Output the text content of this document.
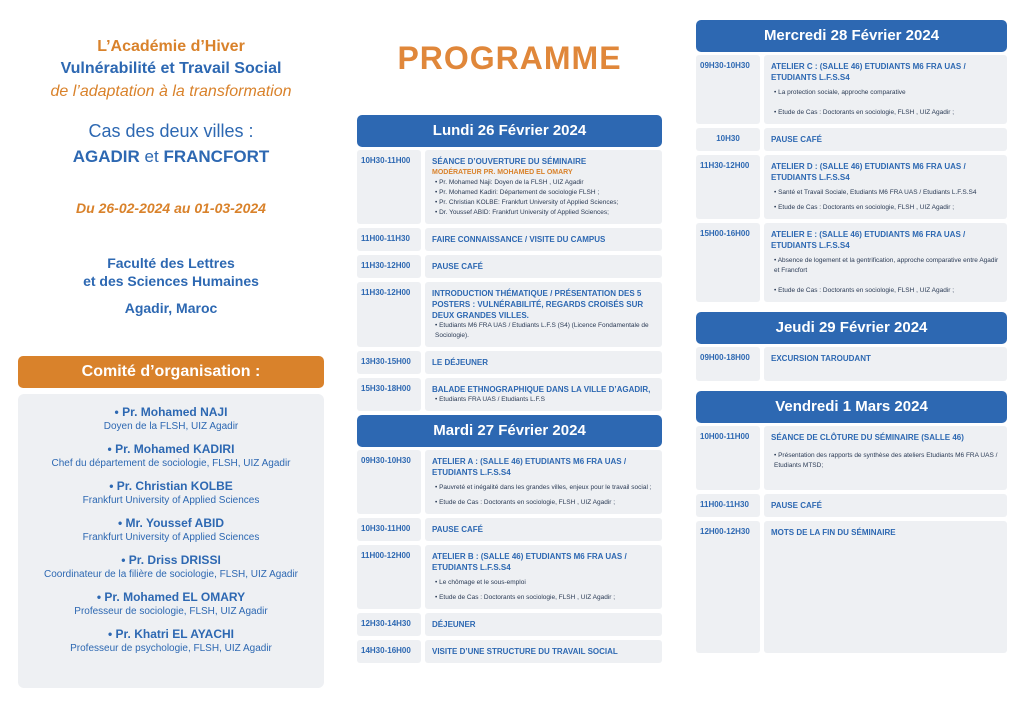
L’Académie d’Hiver
Vulnérabilité et Travail Social
de l’adaptation à la transformation
Cas des deux villes :
AGADIR et FRANCFORT
Du 26-02-2024 au 01-03-2024
Faculté des Lettres
et des Sciences Humaines
Agadir, Maroc
Comité d’organisation :
• Pr. Mohamed NAJI
Doyen de la FLSH, UIZ Agadir
• Pr. Mohamed KADIRI
Chef du département de sociologie, FLSH, UIZ Agadir
• Pr. Christian KOLBE
Frankfurt University of Applied Sciences
• Mr. Youssef ABID
Frankfurt University of Applied Sciences
• Pr. Driss DRISSI
Coordinateur de la filière de sociologie, FLSH, UIZ Agadir
• Pr. Mohamed EL OMARY
Professeur de sociologie, FLSH, UIZ Agadir
• Pr. Khatri EL AYACHI
Professeur de psychologie, FLSH, UIZ Agadir
PROGRAMME
Lundi 26 Février 2024
10H30-11H00	SÉANCE D’OUVERTURE DU SÉMINAIRE
MODÉRATEUR PR. MOHAMED EL OMARY
• Pr. Mohamed Naji: Doyen de la FLSH , UIZ Agadir
• Pr. Mohamed Kadiri: Département de sociologie FLSH ;
• Pr. Christian KOLBE: Frankfurt University of Applied Sciences;
• Dr. Youssef ABID: Frankfurt University of Applied Sciences;
11H00-11H30	FAIRE CONNAISSANCE / VISITE DU CAMPUS
11H30-12H00	PAUSE CAFÉ
11H30-12H00	INTRODUCTION THÉMATIQUE / PRÉSENTATION DES 5 POSTERS : VULNÉRABILITÉ, REGARDS CROISÉS SUR DEUX GRANDES VILLES.
• Etudiants M6 FRA UAS / Etudiants L.F.S (S4) (Licence Fondamentale de Sociologie).
13H30-15H00	LE DÉJEUNER
15H30-18H00	BALADE ETHNOGRAPHIQUE DANS LA VILLE D’AGADIR,
• Etudiants FRA UAS / Etudiants L.F.S
Mardi 27 Février 2024
09H30-10H30	ATELIER A : (SALLE 46) ETUDIANTS M6 FRA UAS / ETUDIANTS L.F.S.S4
• Pauvreté et inégalité dans les grandes villes, enjeux pour le travail social ;
• Etude de Cas : Doctorants en sociologie, FLSH , UIZ Agadir ;
10H30-11H00	PAUSE CAFÉ
11H00-12H00	ATELIER B : (SALLE 46) ETUDIANTS M6 FRA UAS / ETUDIANTS L.F.S.S4
• Le chômage et le sous-emploi
• Etude de Cas : Doctorants en sociologie, FLSH , UIZ Agadir ;
12H30-14H30	DÉJEUNER
14H30-16H00	VISITE D’UNE STRUCTURE DU TRAVAIL SOCIAL
Mercredi 28 Février 2024
09H30-10H30	ATELIER C : (SALLE 46) ETUDIANTS M6 FRA UAS / ETUDIANTS L.F.S.S4
• La protection sociale, approche comparative
• Etude de Cas : Doctorants en sociologie, FLSH , UIZ Agadir ;
10H30	PAUSE CAFÉ
11H30-12H00	ATELIER D : (SALLE 46) ETUDIANTS M6 FRA UAS / ETUDIANTS L.F.S.S4
• Santé et Travail Sociale, Etudiants M6 FRA UAS / Etudiants L.F.S.S4
• Etude de Cas : Doctorants en sociologie, FLSH , UIZ Agadir ;
15H00-16H00	ATELIER E : (SALLE 46) ETUDIANTS M6 FRA UAS / ETUDIANTS L.F.S.S4
• Absence de logement et la gentrification, approche comparative entre Agadir et Francfort
• Etude de Cas : Doctorants en sociologie, FLSH , UIZ Agadir ;
Jeudi 29 Février 2024
09H00-18H00	EXCURSION TAROUDANT
Vendredi 1 Mars 2024
10H00-11H00	SÉANCE DE CLÔTURE DU SÉMINAIRE (SALLE 46)
• Présentation des rapports de synthèse des ateliers Etudiants M6 FRA UAS / Etudiants MTSD;
11H00-11H30	PAUSE CAFÉ
12H00-12H30	MOTS DE LA FIN DU SÉMINAIRE
